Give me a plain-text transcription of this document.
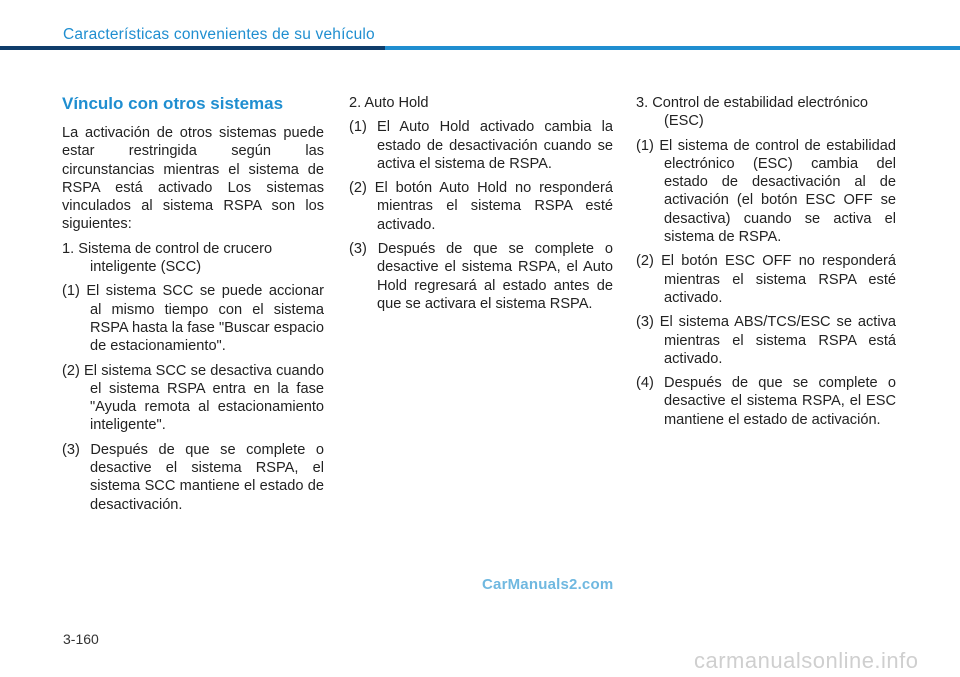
Características convenientes de su vehículo
Vínculo con otros sistemas
La activación de otros sistemas puede estar restringida según las circunstancias mientras el sistema de RSPA está activado Los sistemas vinculados al sistema RSPA son los siguientes:
1. Sistema de control de crucero inteligente (SCC)
(1) El sistema SCC se puede accionar al mismo tiempo con el sistema RSPA hasta la fase "Buscar espacio de estacionamiento".
(2) El sistema SCC se desactiva cuando el sistema RSPA entra en la fase "Ayuda remota al estacionamiento inteligente".
(3) Después de que se complete o desactive el sistema RSPA, el sistema SCC mantiene el estado de desactivación.
2. Auto Hold
(1) El Auto Hold activado cambia la estado de desactivación cuando se activa el sistema de RSPA.
(2) El botón Auto Hold no responderá mientras el sistema RSPA esté activado.
(3) Después de que se complete o desactive el sistema RSPA, el Auto Hold regresará al estado antes de que se activara el sistema RSPA.
3. Control de estabilidad electrónico (ESC)
(1) El sistema de control de estabilidad electrónico (ESC) cambia del estado de desactivación al de activación (el botón ESC OFF se desactiva) cuando se activa el sistema de RSPA.
(2) El botón ESC OFF no responderá mientras el sistema RSPA esté activado.
(3) El sistema ABS/TCS/ESC se activa mientras el sistema RSPA está activado.
(4) Después de que se complete o desactive el sistema RSPA, el ESC mantiene el estado de activación.
CarManuals2.com
3-160
carmanualsonline.info
